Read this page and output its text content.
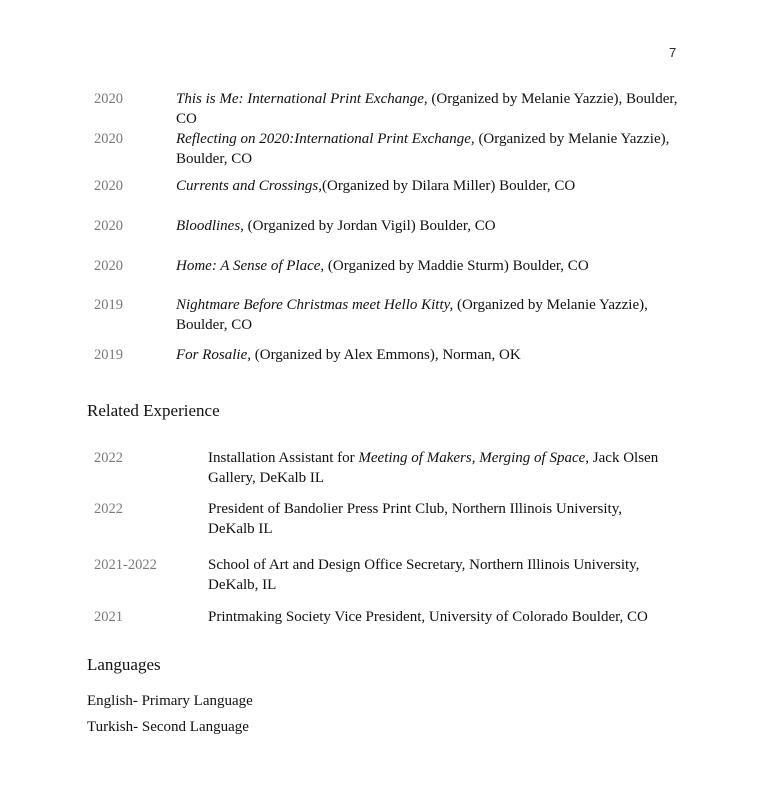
7
2020	This is Me: International Print Exchange, (Organized by Melanie Yazzie), Boulder, CO
2020	Reflecting on 2020:International Print Exchange, (Organized by Melanie Yazzie), Boulder, CO
2020	Currents and Crossings,(Organized by Dilara Miller) Boulder, CO
2020	Bloodlines, (Organized by Jordan Vigil) Boulder, CO
2020	Home: A Sense of Place, (Organized by Maddie Sturm) Boulder, CO
2019	Nightmare Before Christmas meet Hello Kitty, (Organized by Melanie Yazzie), Boulder, CO
2019	For Rosalie, (Organized by Alex Emmons), Norman, OK
Related Experience
2022	Installation Assistant for Meeting of Makers, Merging of Space, Jack Olsen Gallery, DeKalb IL
2022	President of Bandolier Press Print Club, Northern Illinois University, DeKalb IL
2021-2022	School of Art and Design Office Secretary, Northern Illinois University, DeKalb, IL
2021	Printmaking Society Vice President, University of Colorado Boulder, CO
Languages
English- Primary Language
Turkish- Second Language
